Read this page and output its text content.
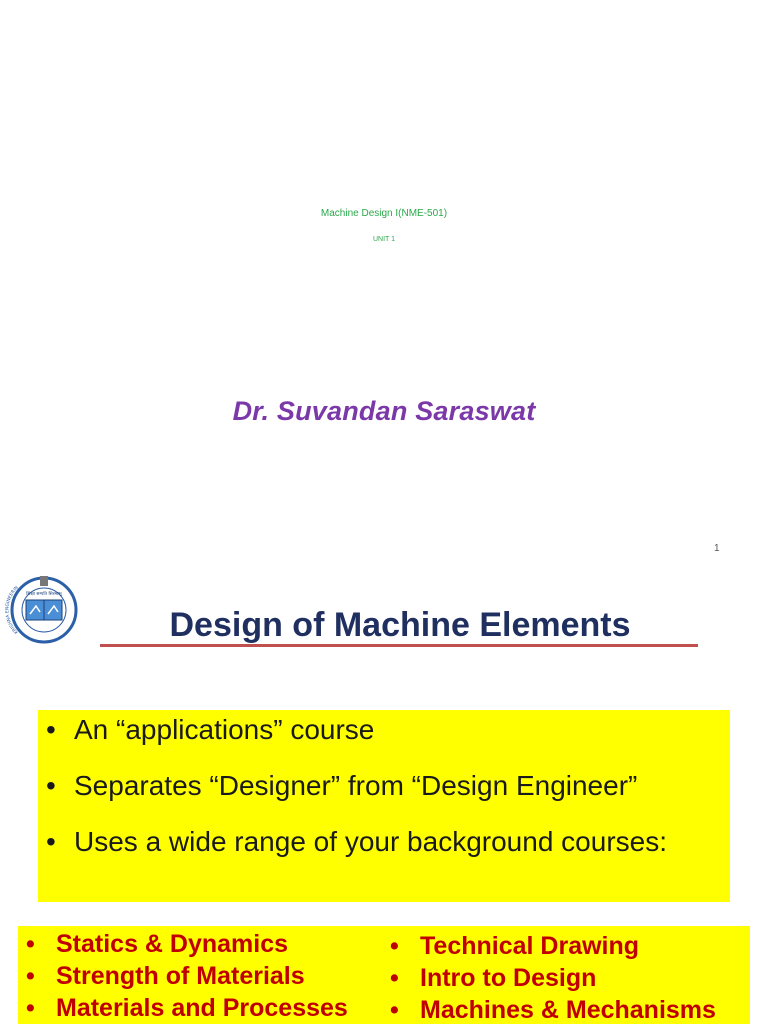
Machine Design I(NME-501)
UNIT 1
Dr. Suvandan Saraswat
1
शिक्षा सम्पति सिरम्प्रभु
KRISHNA ENGINEERIN
Design of Machine Elements
• An “applications” course
• Separates “Designer” from “Design Engineer”
• Uses a wide range of your background courses:
• Statics & Dynamics
• Strength of Materials
• Materials and Processes
• Technical Drawing
• Intro to Design
• Machines & Mechanisms
